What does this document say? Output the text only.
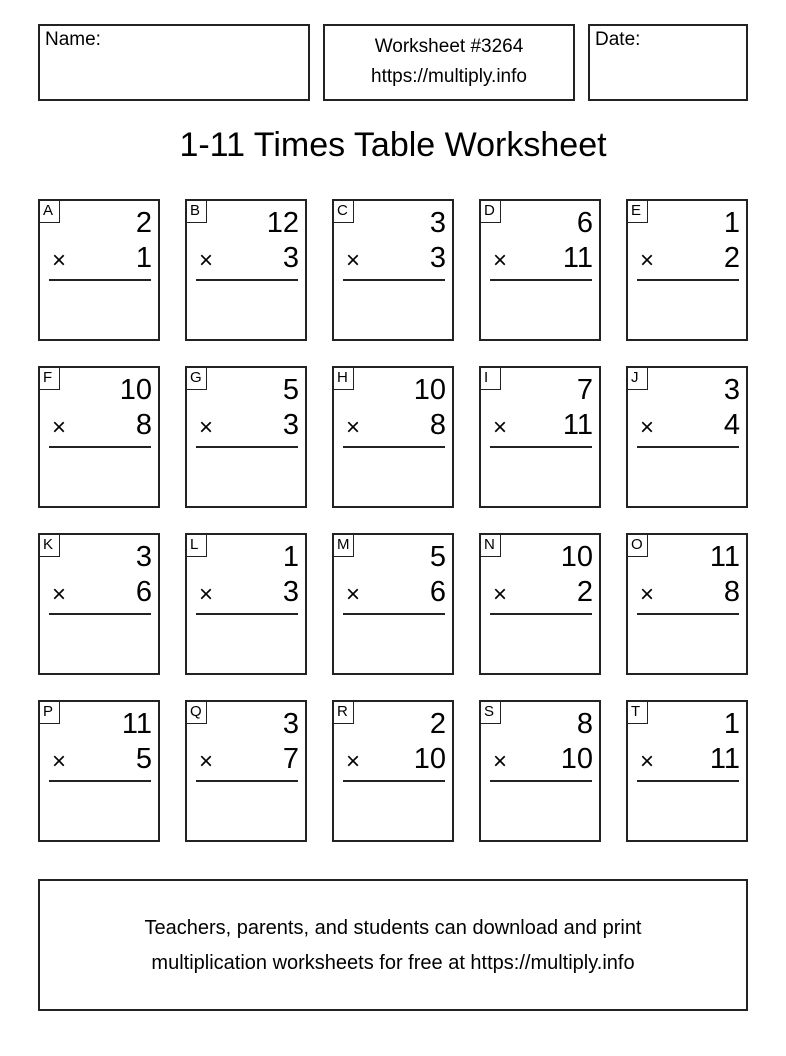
Name:	Worksheet #3264
https://multiply.info
Date:
1-11 Times Table Worksheet
A	2
× 1
B 12
× 3
C	3
× 3
D	6
× 11
E	1
× 2
F 10
× 8
G	5
× 3
H 10
× 8
I	7
× 11
J	3
× 4
K	3
× 6
L	1
× 3
M	5
× 6
N 10
× 2
O 11
× 8
P 11
× 5
Q	3
× 7
R	2
× 10
S	8
× 10
T	1
× 11
Teachers, parents, and students can download and print
multiplication worksheets for free at https://multiply.info
